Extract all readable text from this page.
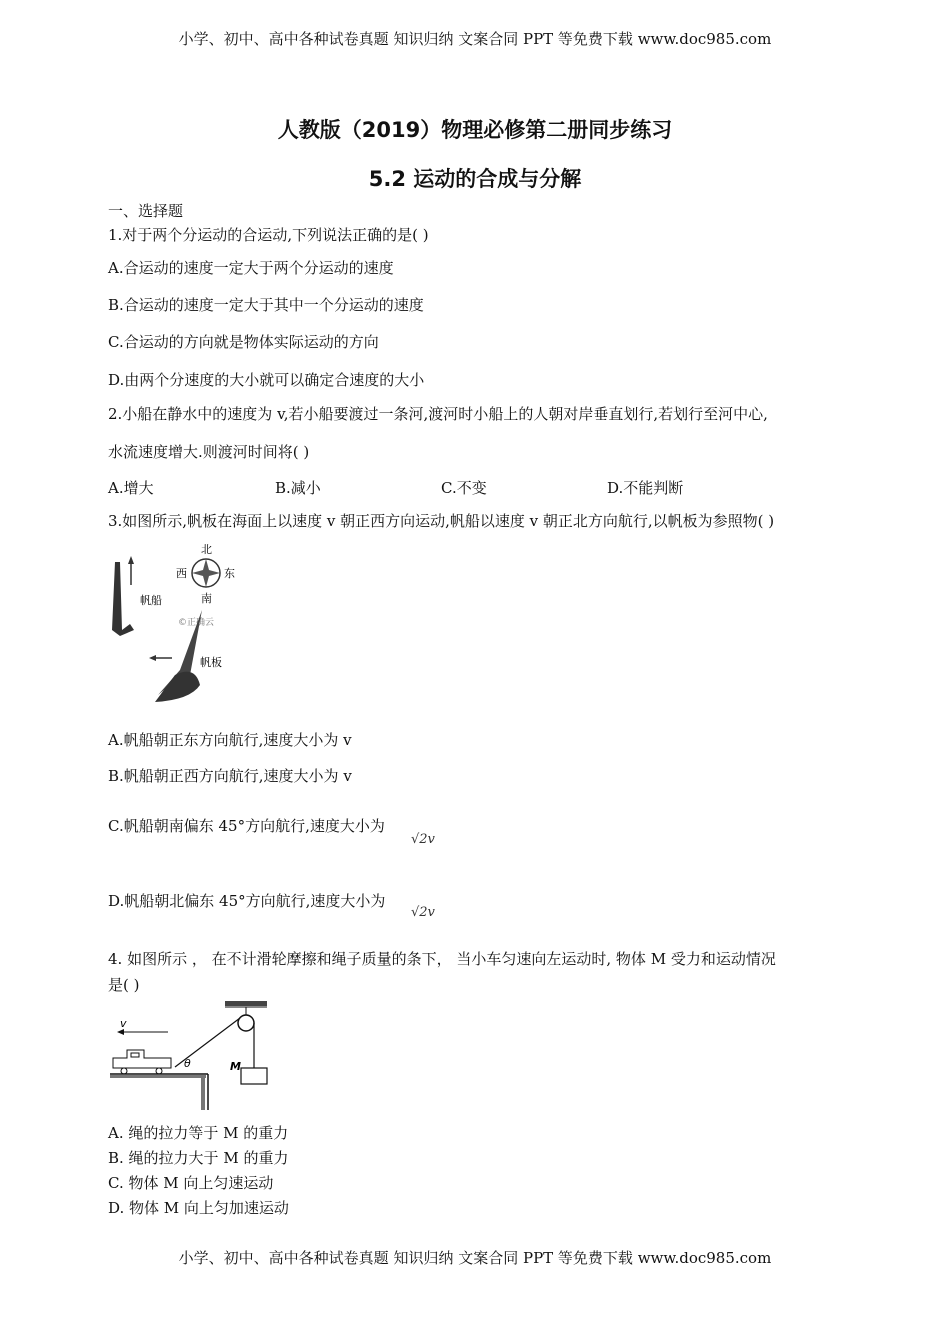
小学、初中、高中各种试卷真题 知识归纳 文案合同 PPT 等免费下载 www.doc985.com
人教版（2019）物理必修第二册同步练习
5.2 运动的合成与分解
一、选择题
1.对于两个分运动的合运动,下列说法正确的是( )
A.合运动的速度一定大于两个分运动的速度
B.合运动的速度一定大于其中一个分运动的速度
C.合运动的方向就是物体实际运动的方向
D.由两个分速度的大小就可以确定合速度的大小
2.小船在静水中的速度为 v,若小船要渡过一条河,渡河时小船上的人朝对岸垂直划行,若划行至河中心,
水流速度增大.则渡河时间将( )
A.增大	B.减小	C.不变	D.不能判断
3.如图所示,帆板在海面上以速度 v 朝正西方向运动,帆船以速度 v 朝正北方向航行,以帆板为参照物( )
北
南
西	东
帆船
©正确云
帆板
A.帆船朝正东方向航行,速度大小为 v
B.帆船朝正西方向航行,速度大小为 v
C.帆船朝南偏东 45°方向航行,速度大小为
√2v
D.帆船朝北偏东 45°方向航行,速度大小为
√2v
4. 如图所示 ， 在不计滑轮摩擦和绳子质量的条下， 当小车匀速向左运动时, 物体 M 受力和运动情况
是( )
M
θ
v
A. 绳的拉力等于 M 的重力
B. 绳的拉力大于 M 的重力
C. 物体 M 向上匀速运动
D. 物体 M 向上匀加速运动
小学、初中、高中各种试卷真题 知识归纳 文案合同 PPT 等免费下载 www.doc985.com
